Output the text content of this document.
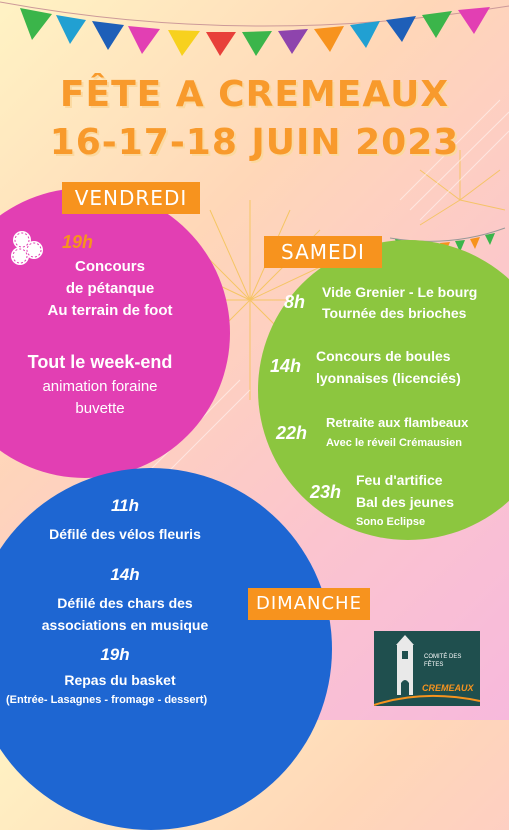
FÊTE A CREMEAUX
16-17-18 JUIN 2023
VENDREDI
19h
Concours
de pétanque
Au terrain de foot
Tout le week-end
animation foraine
buvette
SAMEDI
8h Vide Grenier - Le bourg
Tournée des brioches
14h Concours de boules
lyonnaises (licenciés)
22h
Retraite aux flambeaux
Avec le réveil Crémausien
23h
Feu d'artifice
Bal des jeunes
Sono Eclipse
DIMANCHE
11h
Défilé des vélos fleuris
14h
Défilé des chars des
associations en musique
19h
Repas du basket
(Entrée- Lasagnes - fromage - dessert)
COMITÉ DES FÊTES
CREMEAUX
